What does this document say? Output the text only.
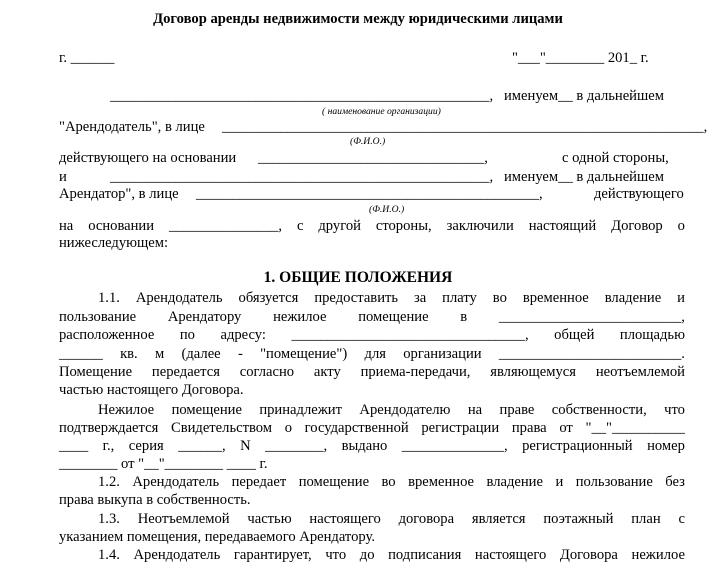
Договор аренды недвижимости между юридическими лицами
г. ______	"___"________ 201_ г.
____________________________________________________, именуем__ в дальнейшем
( наименование организации)
"Арендодатель", в лице __________________________________________________________________,
(Ф.И.О.)
действующего на основании _______________________________,	с одной стороны,
и	____________________________________________________, именуем__ в дальнейшем
Арендатор", в лице _______________________________________________,	действующего
(Ф.И.О.)
на основании _______________, с другой стороны, заключили настоящий Договор о
нижеследующем:
1. ОБЩИЕ ПОЛОЖЕНИЯ
1.1. Арендодатель обязуется предоставить за плату во временное владение и
пользование Арендатору нежилое помещение в _________________________,
расположенное по адресу: ________________________________, общей площадью
______ кв. м (далее - "помещение") для организации _________________________.
Помещение передается согласно акту приема-передачи, являющемуся неотъемлемой
частью настоящего Договора.
Нежилое помещение принадлежит Арендодателю на праве собственности, что
подтверждается Свидетельством о государственной регистрации права от "__"__________
____ г., серия ______, N ________, выдано ______________, регистрационный номер
________ от "__"________ ____ г.
1.2. Арендодатель передает помещение во временное владение и пользование без
права выкупа в собственность.
1.3. Неотъемлемой частью настоящего договора является поэтажный план с
указанием помещения, передаваемого Арендатору.
1.4. Арендодатель гарантирует, что до подписания настоящего Договора нежилое
